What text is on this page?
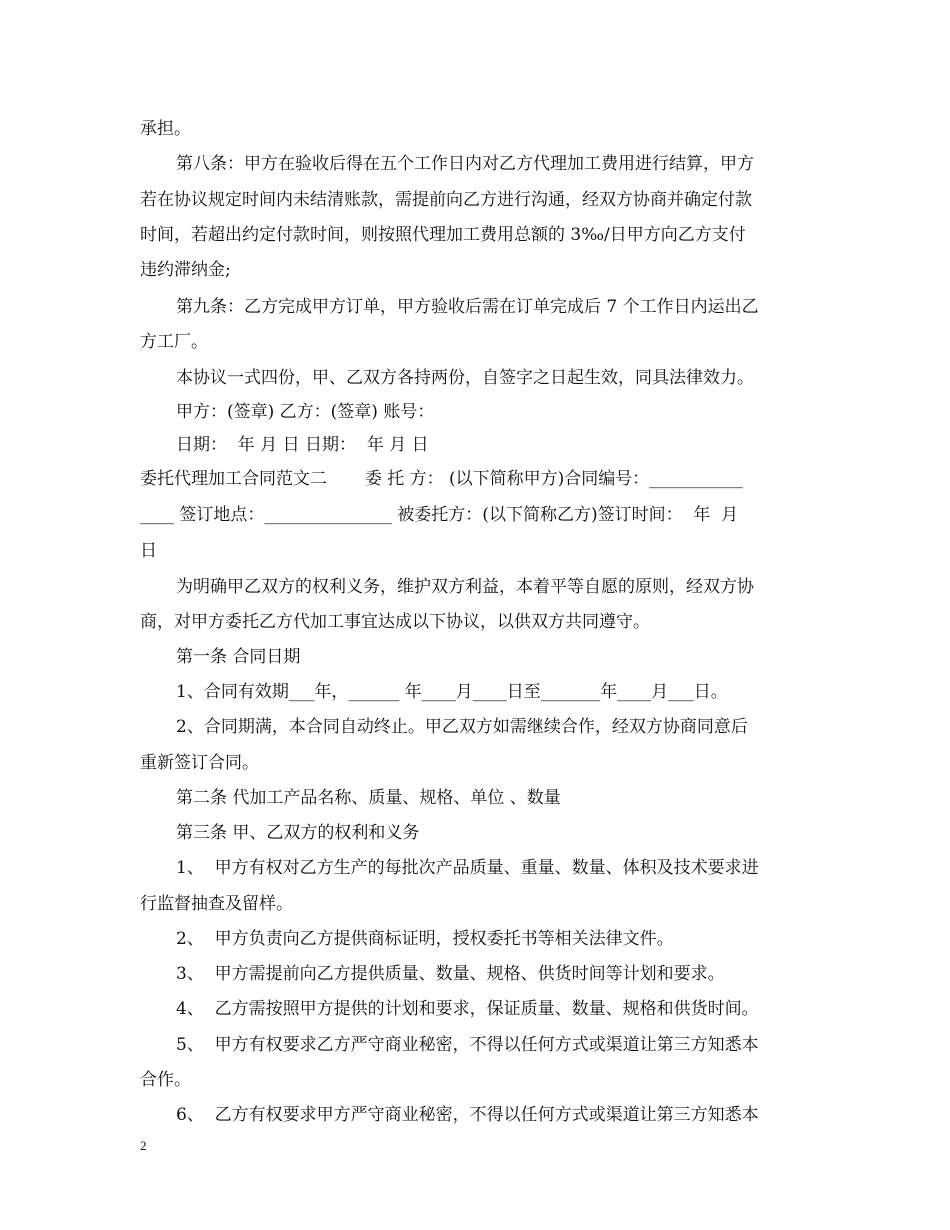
承担。
第八条：甲方在验收后得在五个工作日内对乙方代理加工费用进行结算，甲方
若在协议规定时间内未结清账款，需提前向乙方进行沟通，经双方协商并确定付款
时间，若超出约定付款时间，则按照代理加工费用总额的 3‰/日甲方向乙方支付
违约滞纳金;
第九条：乙方完成甲方订单，甲方验收后需在订单完成后 7 个工作日内运出乙
方工厂。
本协议一式四份，甲、乙双方各持两份，自签字之日起生效，同具法律效力。
甲方：(签章) 乙方：(签章) 账号：
日期：  年 月 日 日期：  年 月 日
委托代理加工合同范文二       委 托 方： (以下简称甲方)合同编号：___________
____ 签订地点：_______________ 被委托方：(以下简称乙方)签订时间：  年  月
日
为明确甲乙双方的权利义务，维护双方利益，本着平等自愿的原则，经双方协
商，对甲方委托乙方代加工事宜达成以下协议，以供双方共同遵守。
第一条 合同日期
1、合同有效期___年，______ 年____月____日至_______年____月___日。
2、合同期满，本合同自动终止。甲乙双方如需继续合作，经双方协商同意后
重新签订合同。
第二条 代加工产品名称、质量、规格、单位 、数量
第三条 甲、乙双方的权利和义务
1、  甲方有权对乙方生产的每批次产品质量、重量、数量、体积及技术要求进
行监督抽查及留样。
2、  甲方负责向乙方提供商标证明，授权委托书等相关法律文件。
3、  甲方需提前向乙方提供质量、数量、规格、供货时间等计划和要求。
4、  乙方需按照甲方提供的计划和要求，保证质量、数量、规格和供货时间。
5、  甲方有权要求乙方严守商业秘密，不得以任何方式或渠道让第三方知悉本
合作。
6、  乙方有权要求甲方严守商业秘密，不得以任何方式或渠道让第三方知悉本
2
